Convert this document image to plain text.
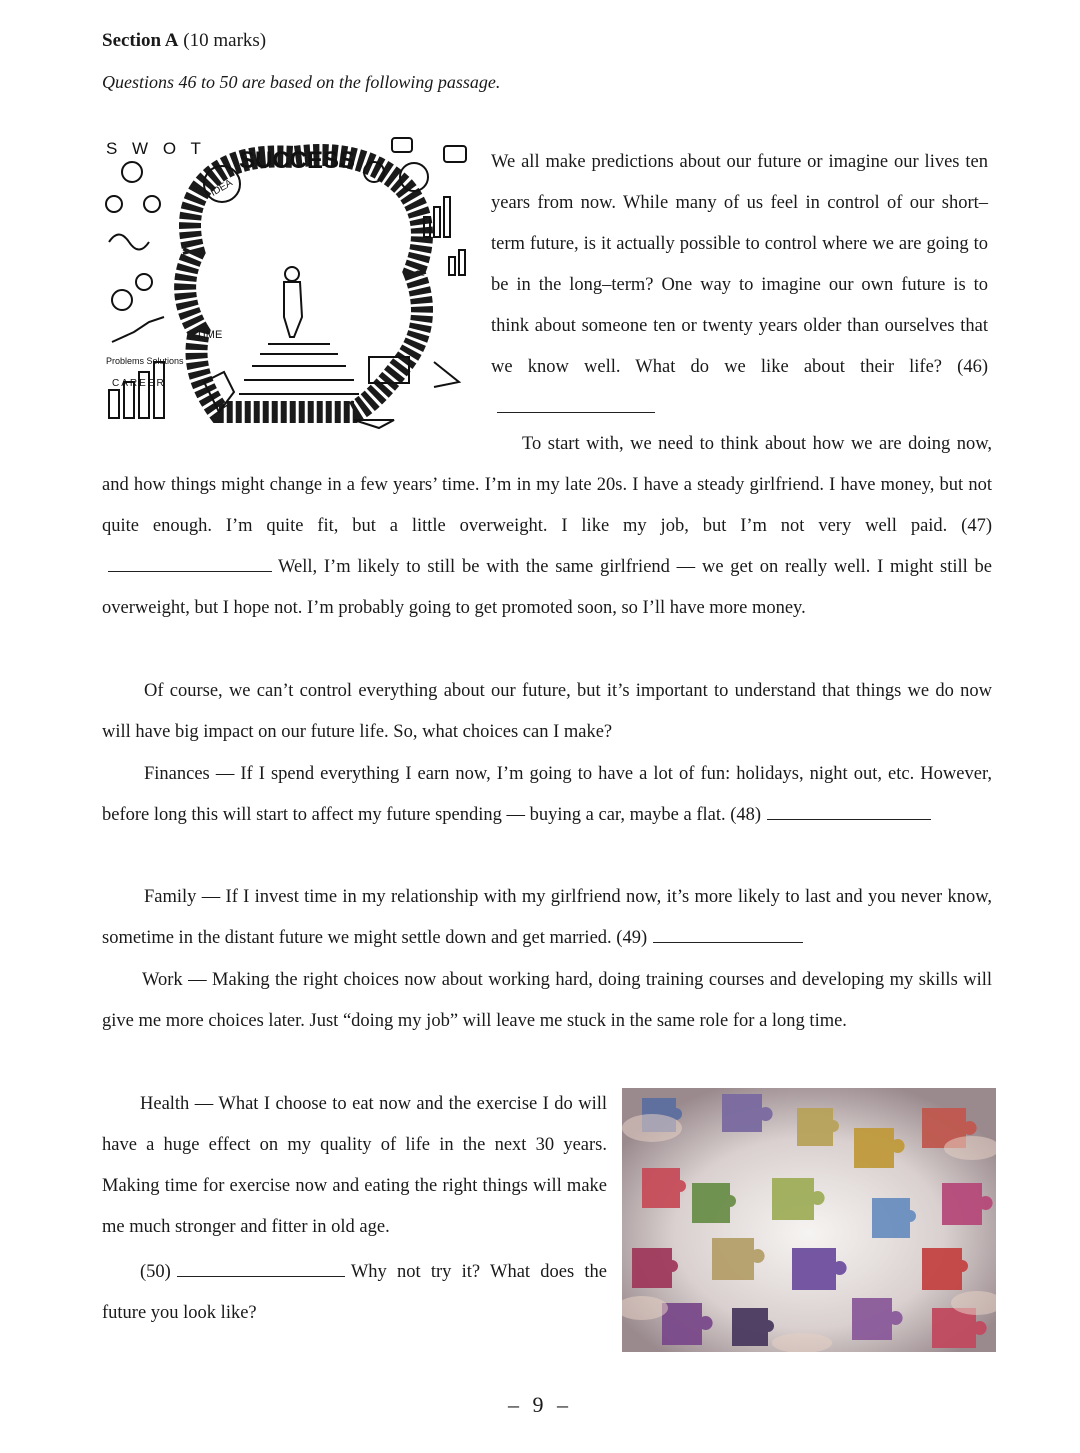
Section A (10 marks)
Questions 46 to 50 are based on the following passage.
S W O T SUCCESS
IDEA
Problems Solutions
CAREER
TIME

We all make predictions about our future or imagine our lives ten years from now. While many of us feel in control of our short–term future, is it actually possible to control where we are going to be in the long–term? One way to imagine our own future is to think about someone ten or twenty years older than ourselves that we know well. What do we like about their life? (46)

To start with, we need to think about how we are doing now, and how things might change in a few years’ time. I’m in my late 20s. I have a steady girlfriend. I have money, but not quite enough. I’m quite fit, but a little overweight. I like my job, but I’m not very well paid. (47)Well, I’m likely to still be with the same girlfriend — we get on really well. I might still be overweight, but I hope not. I’m probably going to get promoted soon, so I’ll have more money.

Of course, we can’t control everything about our future, but it’s important to understand that things we do now will have big impact on our future life. So, what choices can I make?

Finances — If I spend everything I earn now, I’m going to have a lot of fun: holidays, night out, etc. However, before long this will start to affect my future spending — buying a car, maybe a flat. (48)

Family — If I invest time in my relationship with my girlfriend now, it’s more likely to last and you never know, sometime in the distant future we might settle down and get married. (49)

Work — Making the right choices now about working hard, doing training courses and developing my skills will give me more choices later. Just “doing my job” will leave me stuck in the same role for a long time.

Health — What I choose to eat now and the exercise I do will have a huge effect on my quality of life in the next 30 years. Making time for exercise now and eating the right things will make me much stronger and fitter in old age.

(50)	Why not try it? What does the future you look like?

– 9 –
